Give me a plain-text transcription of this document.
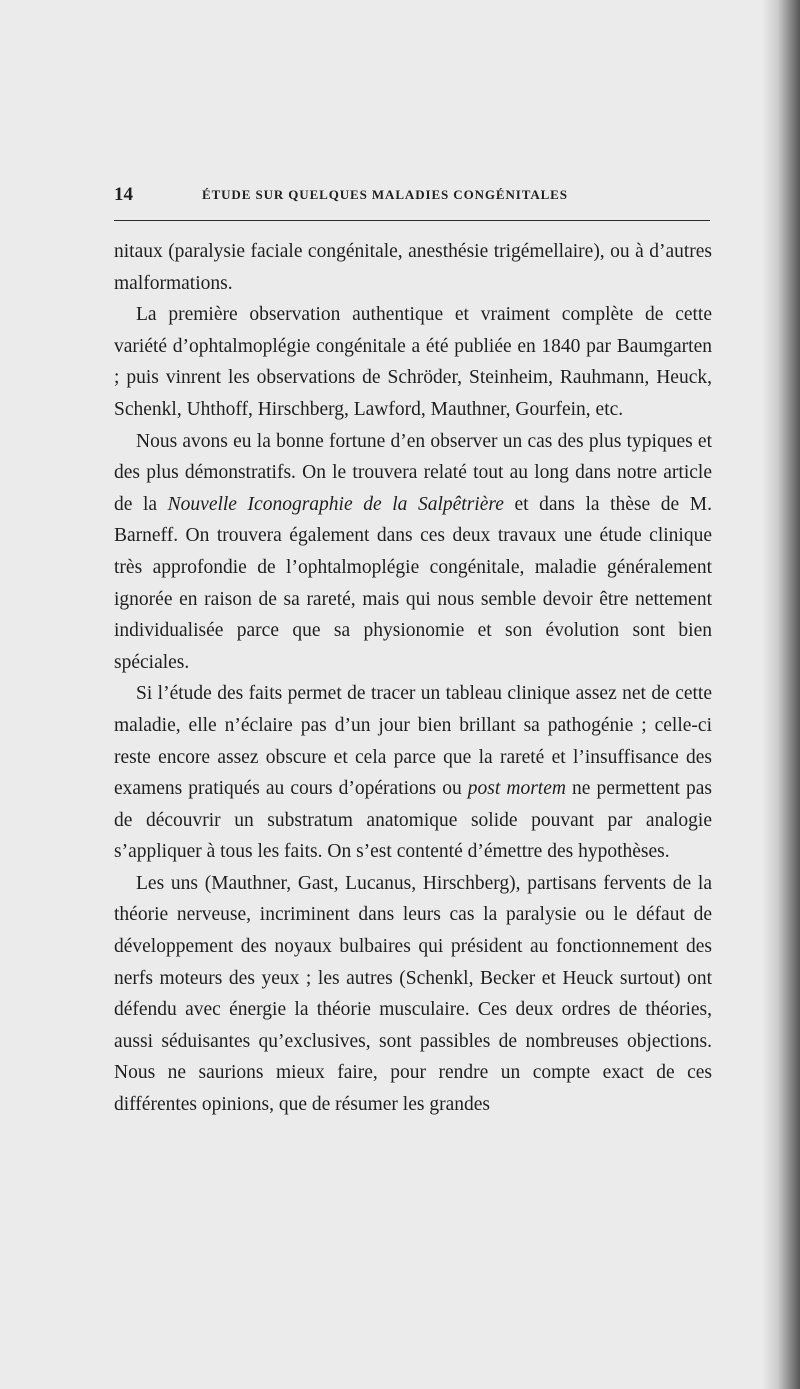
14	ÉTUDE SUR QUELQUES MALADIES CONGÉNITALES

nitaux (paralysie faciale congénitale, anesthésie trigémellaire), ou à d’autres malformations.

La première observation authentique et vraiment complète de cette variété d’ophtalmoplégie congénitale a été publiée en 1840 par Baumgarten ; puis vinrent les observations de Schröder, Steinheim, Rauhmann, Heuck, Schenkl, Uhthoff, Hirschberg, Lawford, Mauthner, Gourfein, etc.

Nous avons eu la bonne fortune d’en observer un cas des plus typiques et des plus démonstratifs. On le trouvera relaté tout au long dans notre article de la Nouvelle Iconographie de la Salpêtrière et dans la thèse de M. Barneff. On trouvera également dans ces deux travaux une étude clinique très approfondie de l’ophtalmoplégie congénitale, maladie généralement ignorée en raison de sa rareté, mais qui nous semble devoir être nettement individualisée parce que sa physionomie et son évolution sont bien spéciales.

Si l’étude des faits permet de tracer un tableau clinique assez net de cette maladie, elle n’éclaire pas d’un jour bien brillant sa pathogénie ; celle-ci reste encore assez obscure et cela parce que la rareté et l’insuffisance des examens pratiqués au cours d’opérations ou post mortem ne permettent pas de découvrir un substratum anatomique solide pouvant par analogie s’appliquer à tous les faits. On s’est contenté d’émettre des hypothèses.

Les uns (Mauthner, Gast, Lucanus, Hirschberg), partisans fervents de la théorie nerveuse, incriminent dans leurs cas la paralysie ou le défaut de développement des noyaux bulbaires qui président au fonctionnement des nerfs moteurs des yeux ; les autres (Schenkl, Becker et Heuck surtout) ont défendu avec énergie la théorie musculaire. Ces deux ordres de théories, aussi séduisantes qu’exclusives, sont passibles de nombreuses objections. Nous ne saurions mieux faire, pour rendre un compte exact de ces différentes opinions, que de résumer les grandes
